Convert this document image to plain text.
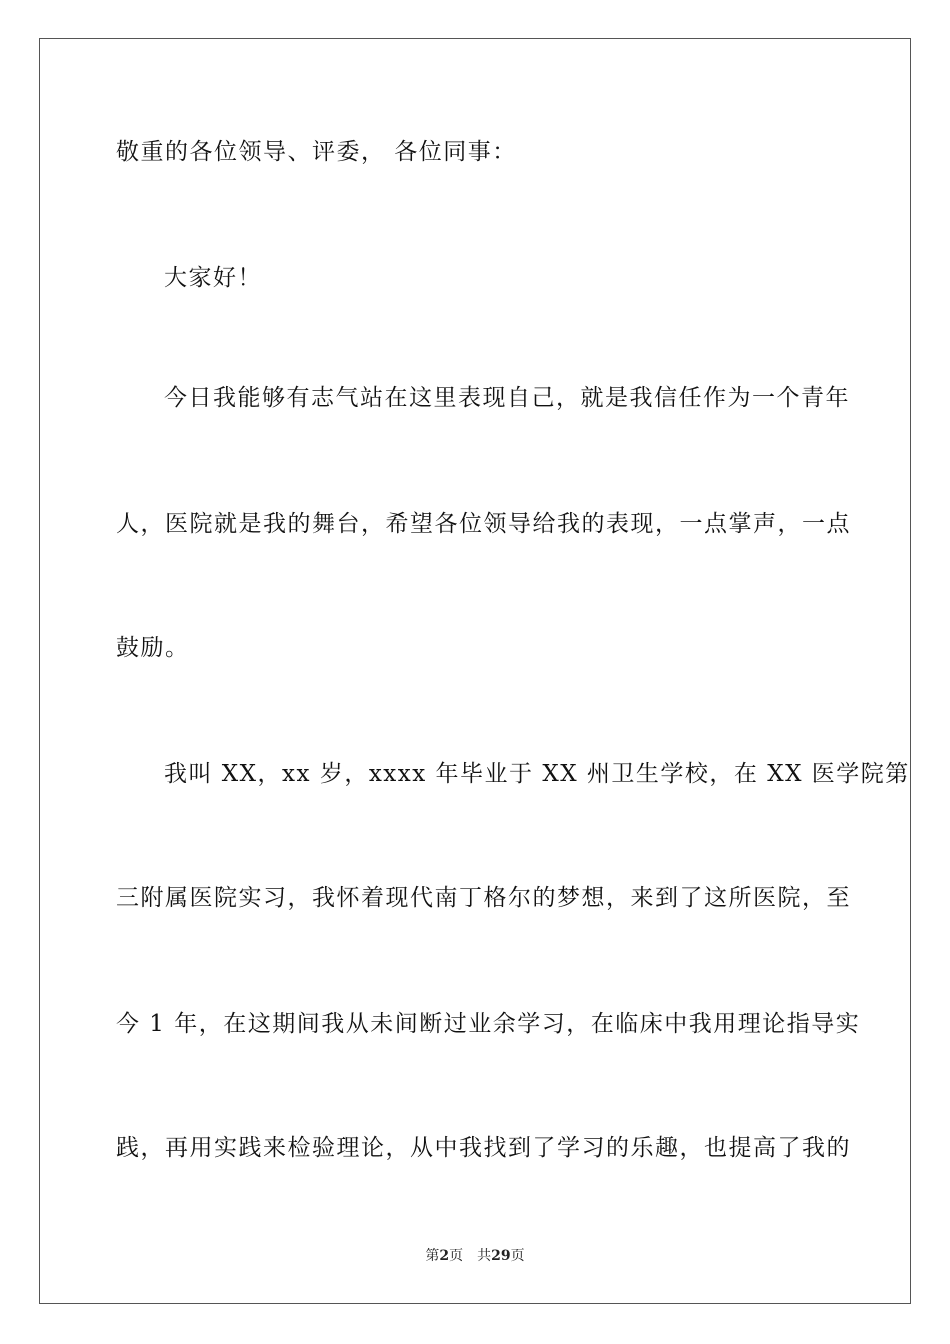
敬重的各位领导、评委， 各位同事：
大家好！
今日我能够有志气站在这里表现自己，就是我信任作为一个青年
人，医院就是我的舞台，希望各位领导给我的表现，一点掌声，一点
鼓励。
我叫 XX，xx 岁，xxxx 年毕业于 XX 州卫生学校，在 XX 医学院第
三附属医院实习，我怀着现代南丁格尔的梦想，来到了这所医院，至
今 1 年，在这期间我从未间断过业余学习，在临床中我用理论指导实
践，再用实践来检验理论，从中我找到了学习的乐趣，也提高了我的
第2页 共29页
